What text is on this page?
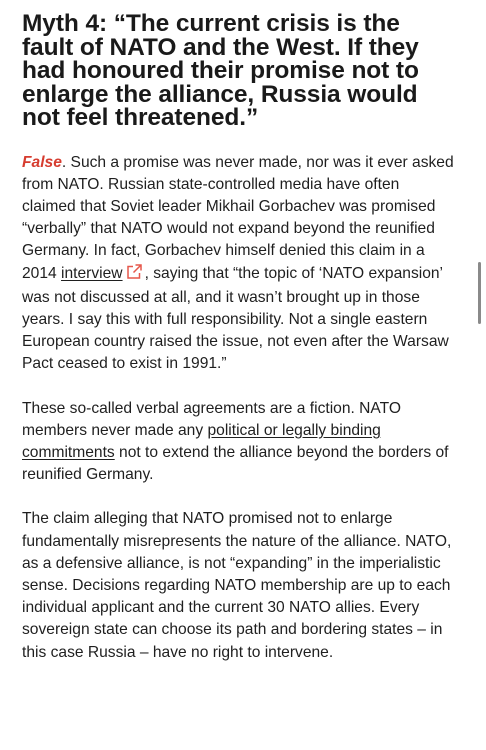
Myth 4: “The current crisis is the fault of NATO and the West. If they had honoured their promise not to enlarge the alliance, Russia would not feel threatened.”

False. Such a promise was never made, nor was it ever asked from NATO. Russian state-controlled media have often claimed that Soviet leader Mikhail Gorbachev was promised “verbally” that NATO would not expand beyond the reunified Germany. In fact, Gorbachev himself denied this claim in a 2014 interview , saying that “the topic of ‘NATO expansion’ was not discussed at all, and it wasn’t brought up in those years. I say this with full responsibility. Not a single eastern European country raised the issue, not even after the Warsaw Pact ceased to exist in 1991.”

These so-called verbal agreements are a fiction. NATO members never made any political or legally binding commitments not to extend the alliance beyond the borders of reunified Germany.

The claim alleging that NATO promised not to enlarge fundamentally misrepresents the nature of the alliance. NATO, as a defensive alliance, is not “expanding” in the imperialistic sense. Decisions regarding NATO membership are up to each individual applicant and the current 30 NATO allies. Every sovereign state can choose its path and bordering states – in this case Russia – have no right to intervene.
